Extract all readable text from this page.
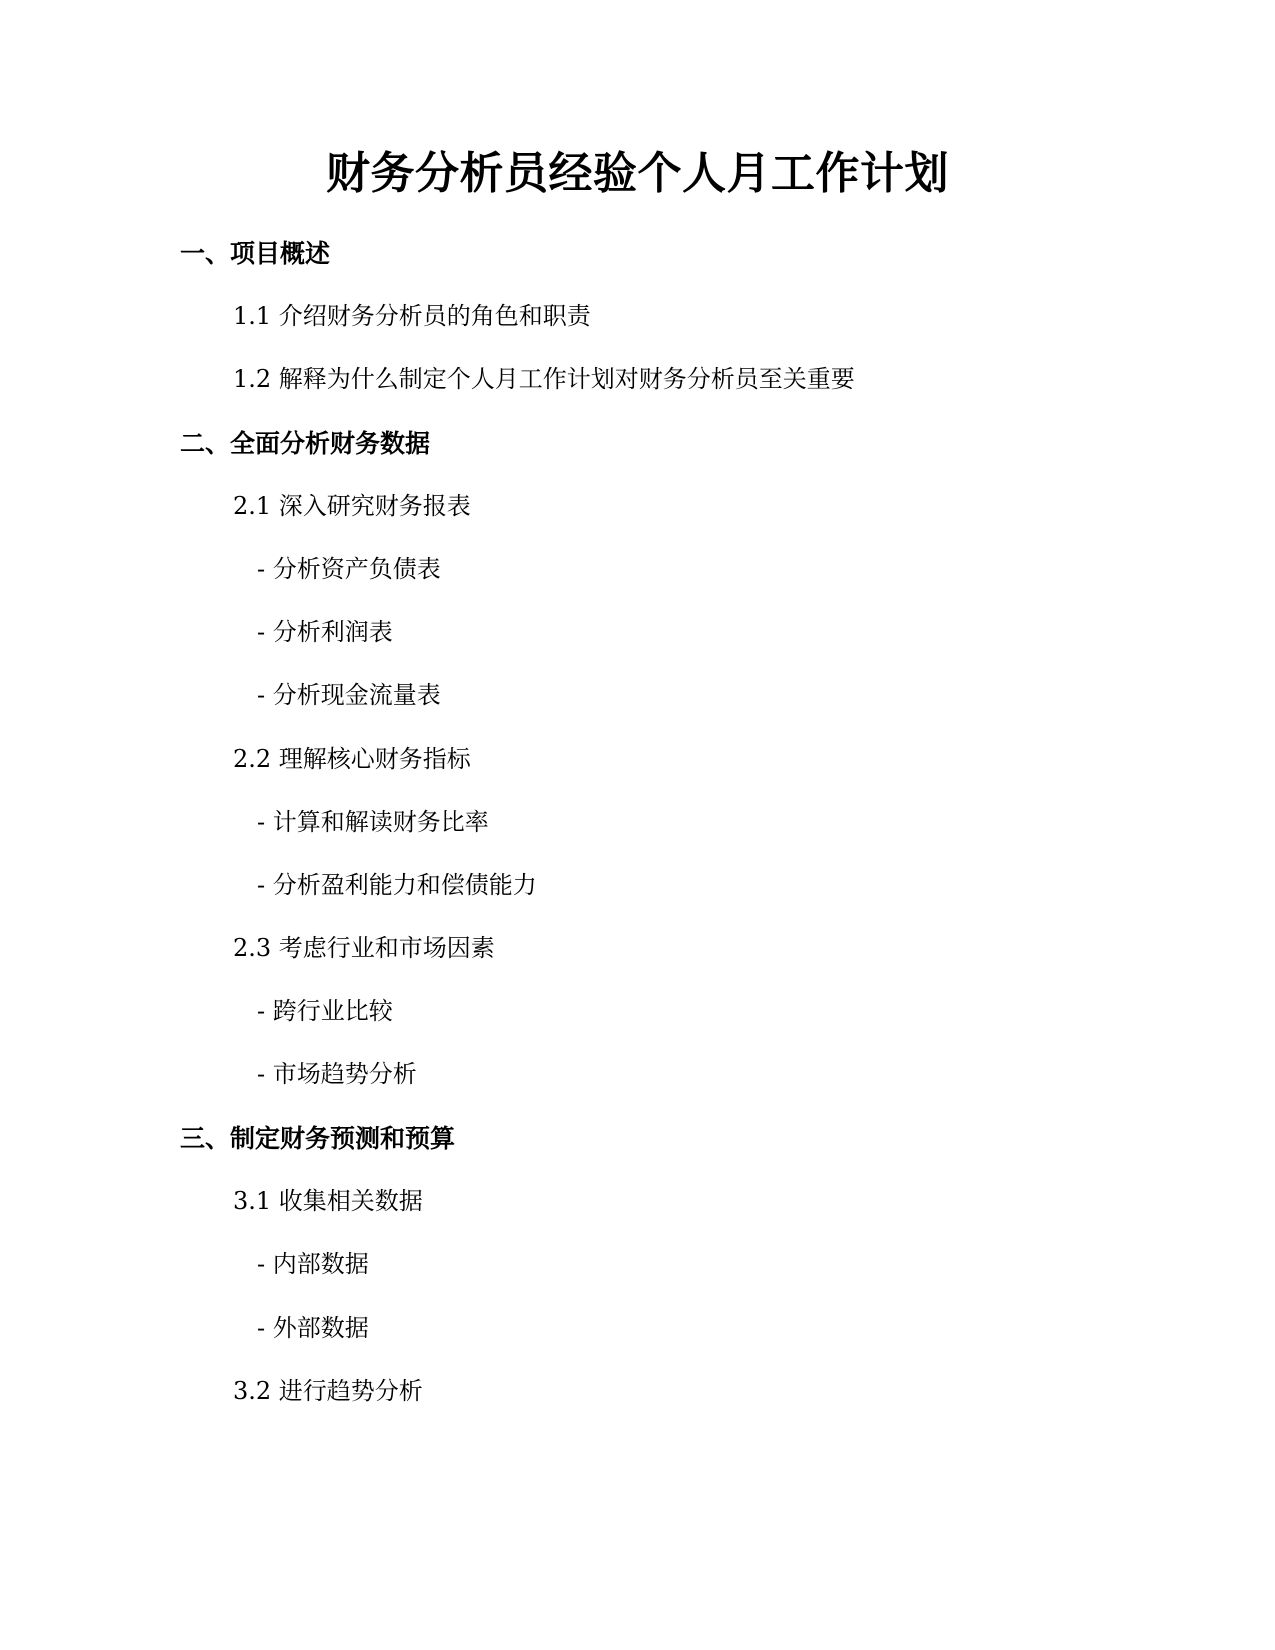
财务分析员经验个人月工作计划
一、项目概述
1.1 介绍财务分析员的角色和职责
1.2 解释为什么制定个人月工作计划对财务分析员至关重要
二、全面分析财务数据
2.1 深入研究财务报表
- 分析资产负债表
- 分析利润表
- 分析现金流量表
2.2 理解核心财务指标
- 计算和解读财务比率
- 分析盈利能力和偿债能力
2.3 考虑行业和市场因素
- 跨行业比较
- 市场趋势分析
三、制定财务预测和预算
3.1 收集相关数据
- 内部数据
- 外部数据
3.2 进行趋势分析
